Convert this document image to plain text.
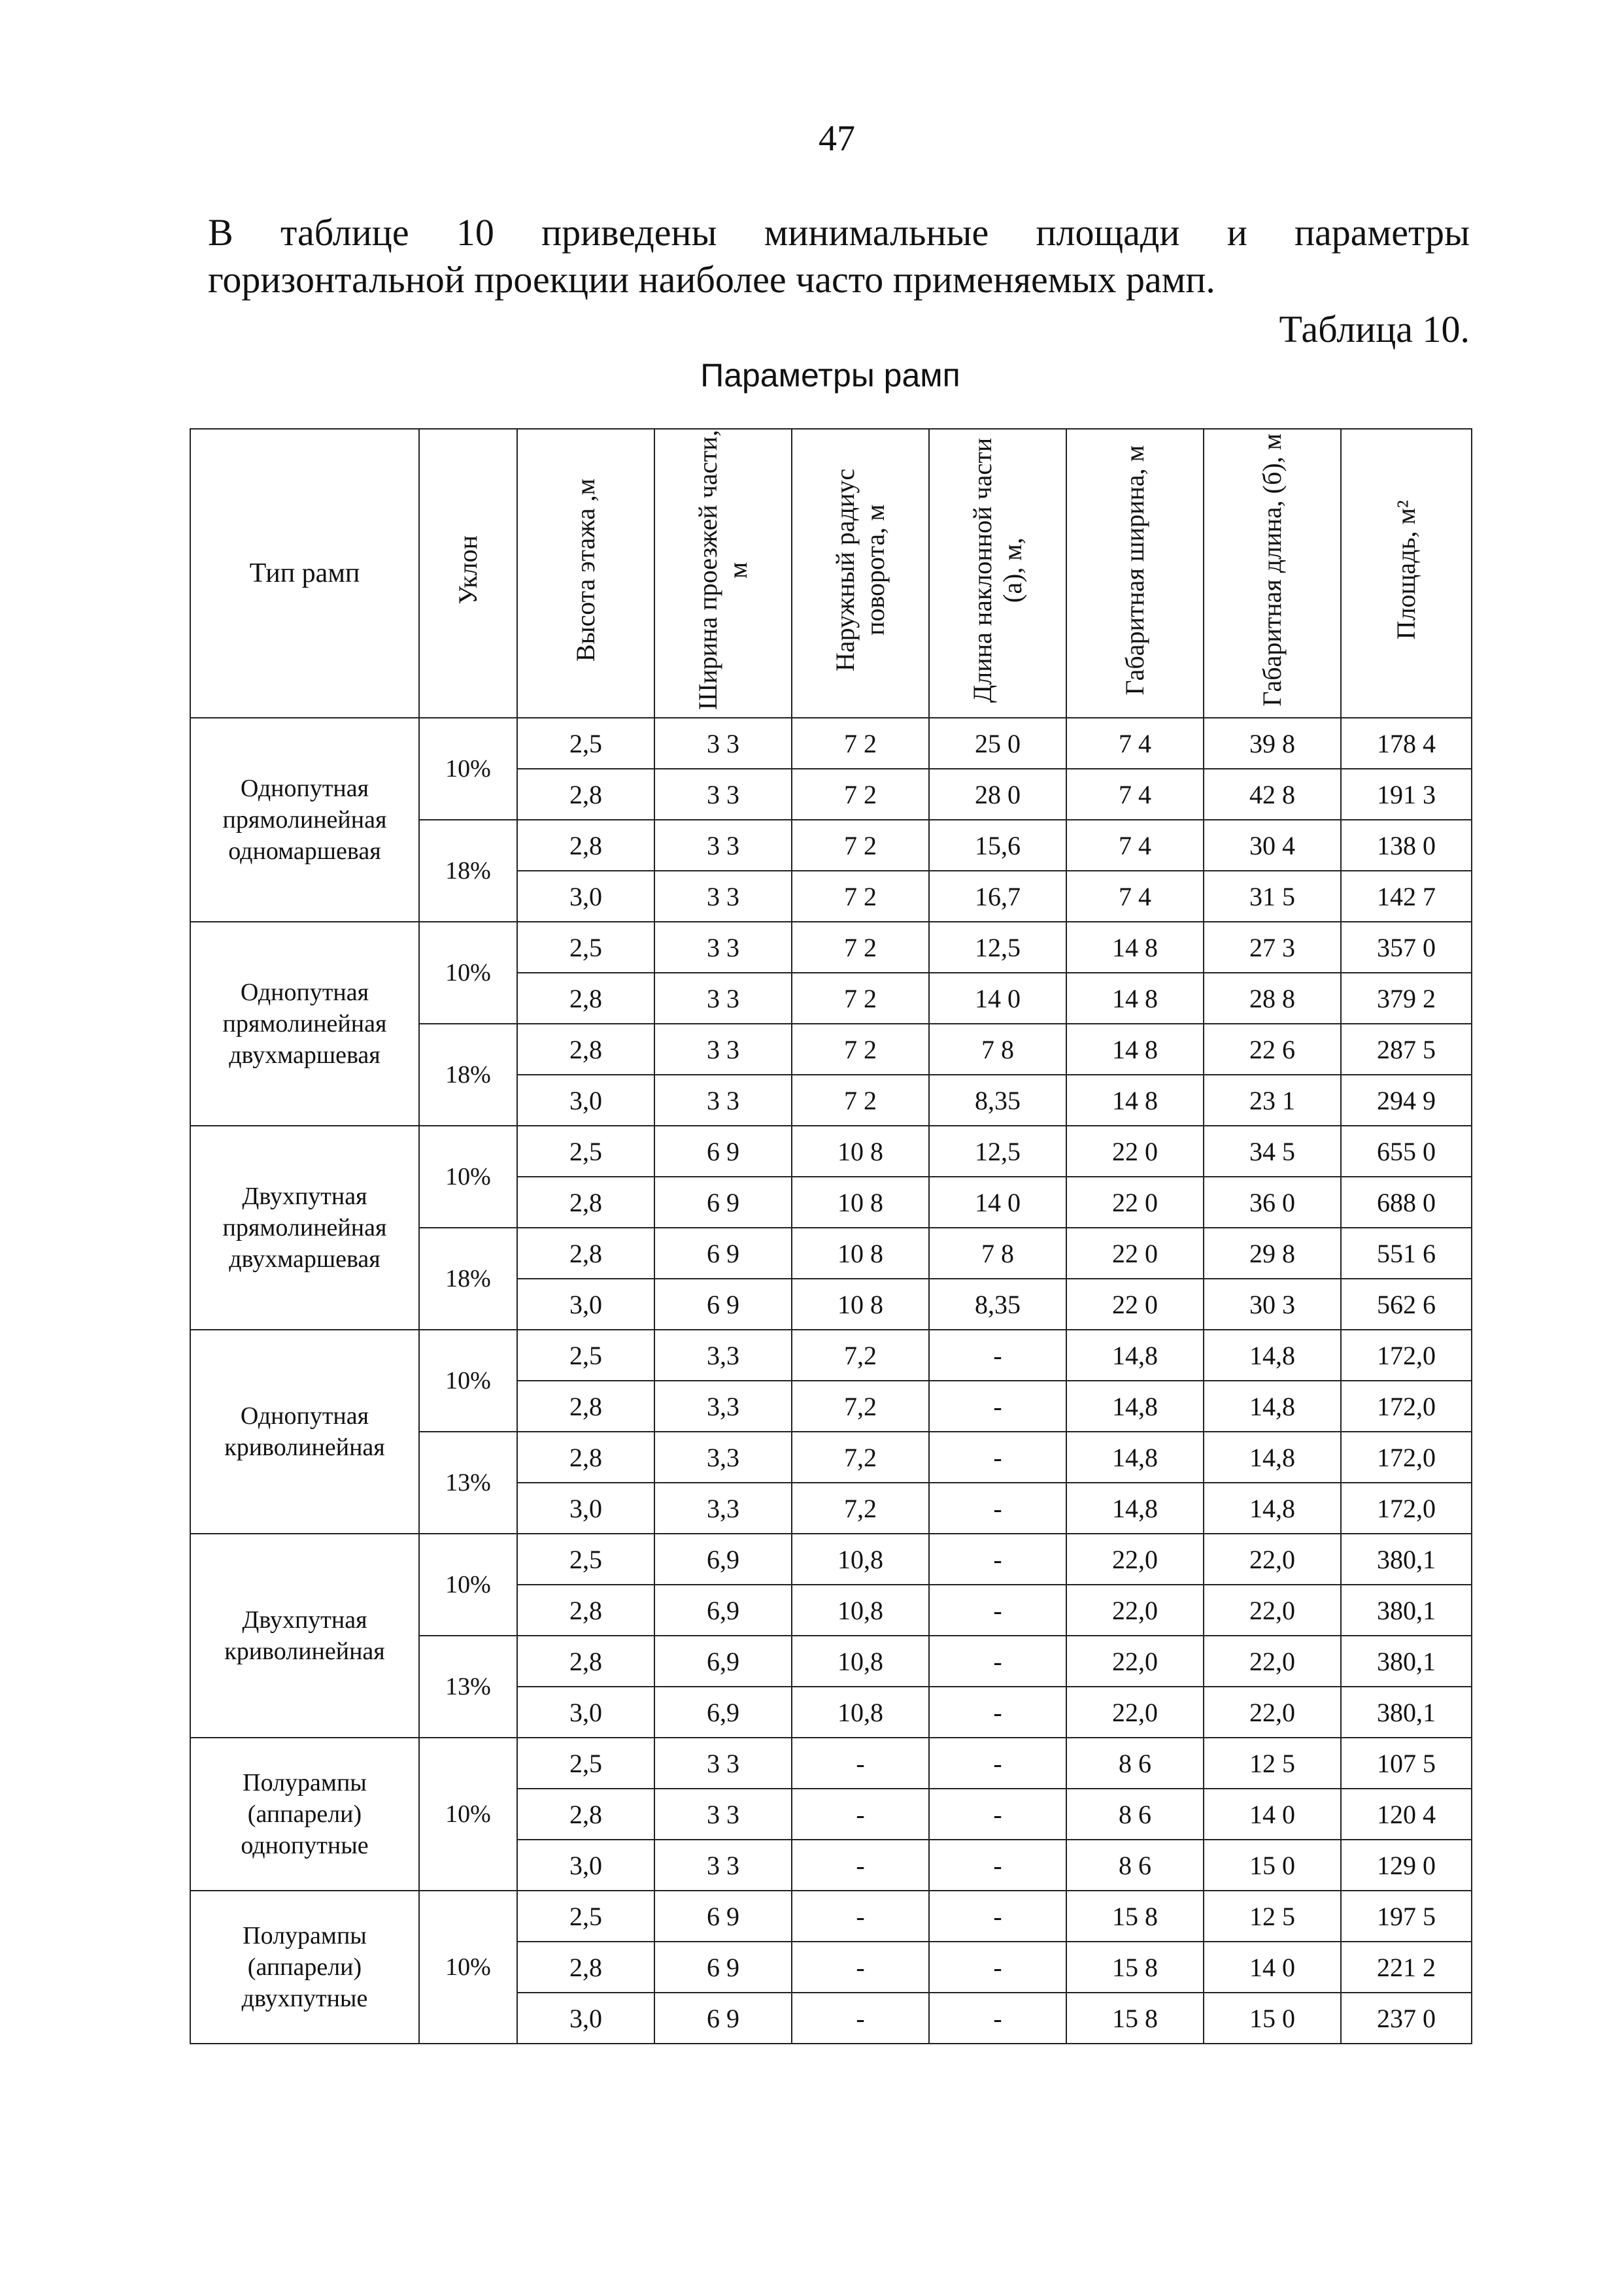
47
В таблице 10 приведены минимальные площади и параметры
горизонтальной проекции наиболее часто применяемых рамп.
Таблица 10.
Параметры рамп
Тип рамп	Уклон	Высота этажа ,м	Ширина проезжей части, м	Наружный радиус поворота, м	Длина наклонной части (а), м,	Габаритная ширина, м	Габаритная длина, (б), м	Площадь, м²
Однопутная прямолинейная одномаршевая	10%	2,5	3 3	7 2	25 0	7 4	39 8	178 4
		2,8	3 3	7 2	28 0	7 4	42 8	191 3
	18%	2,8	3 3	7 2	15,6	7 4	30 4	138 0
		3,0	3 3	7 2	16,7	7 4	31 5	142 7
Однопутная прямолинейная двухмаршевая	10%	2,5	3 3	7 2	12,5	14 8	27 3	357 0
		2,8	3 3	7 2	14 0	14 8	28 8	379 2
	18%	2,8	3 3	7 2	7 8	14 8	22 6	287 5
		3,0	3 3	7 2	8,35	14 8	23 1	294 9
Двухпутная прямолинейная двухмаршевая	10%	2,5	6 9	10 8	12,5	22 0	34 5	655 0
		2,8	6 9	10 8	14 0	22 0	36 0	688 0
	18%	2,8	6 9	10 8	7 8	22 0	29 8	551 6
		3,0	6 9	10 8	8,35	22 0	30 3	562 6
Однопутная криволинейная	10%	2,5	3,3	7,2	-	14,8	14,8	172,0
		2,8	3,3	7,2	-	14,8	14,8	172,0
	13%	2,8	3,3	7,2	-	14,8	14,8	172,0
		3,0	3,3	7,2	-	14,8	14,8	172,0
Двухпутная криволинейная	10%	2,5	6,9	10,8	-	22,0	22,0	380,1
		2,8	6,9	10,8	-	22,0	22,0	380,1
	13%	2,8	6,9	10,8	-	22,0	22,0	380,1
		3,0	6,9	10,8	-	22,0	22,0	380,1
Полурампы (аппарели) однопутные	10%	2,5	3 3	-	-	8 6	12 5	107 5
		2,8	3 3	-	-	8 6	14 0	120 4
		3,0	3 3	-	-	8 6	15 0	129 0
Полурампы (аппарели) двухпутные	10%	2,5	6 9	-	-	15 8	12 5	197 5
		2,8	6 9	-	-	15 8	14 0	221 2
		3,0	6 9	-	-	15 8	15 0	237 0
